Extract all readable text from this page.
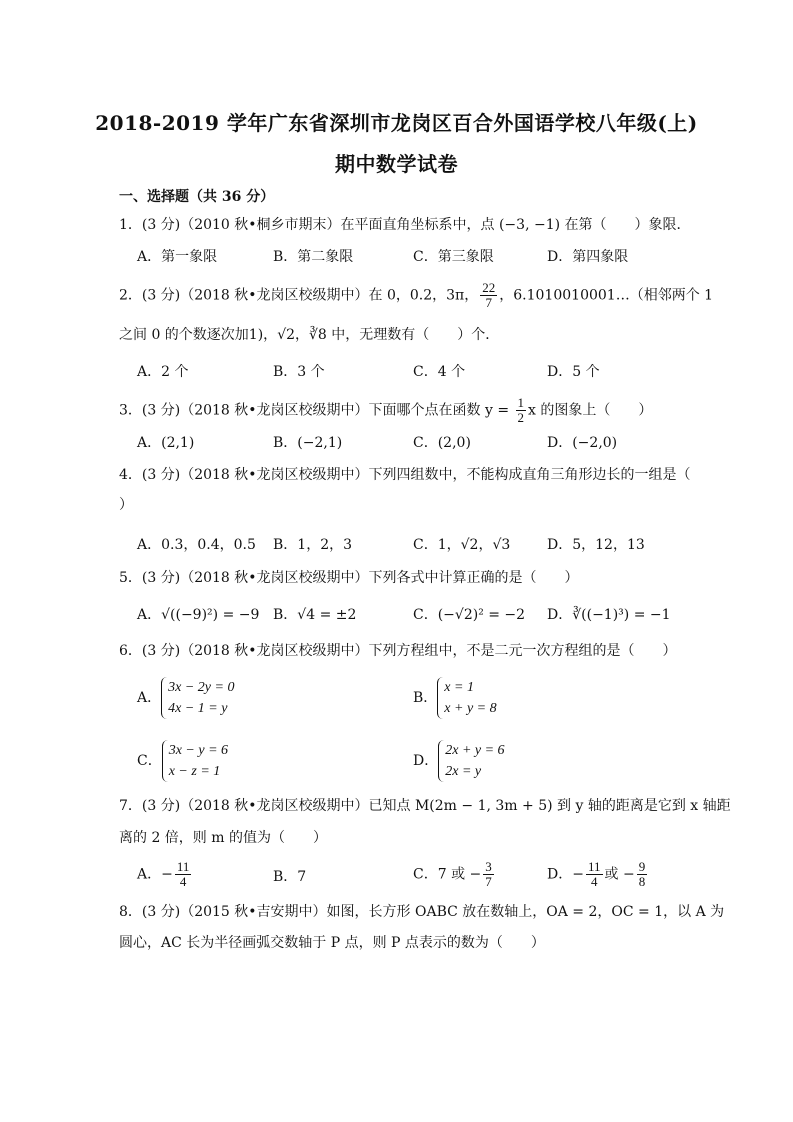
2018-2019 学年广东省深圳市龙岗区百合外国语学校八年级(上)
期中数学试卷
一、选择题（共 36 分）
1．(3 分)（2010 秋•桐乡市期末）在平面直角坐标系中，点 (−3, −1) 在第（　　）象限．
A．第一象限	B．第二象限	C．第三象限	D．第四象限
2．(3 分)（2018 秋•龙岗区校级期中）在 0，0.2，3π， $\frac{22}{7}$ ，6.1010010001…（相邻两个 1
之间 0 的个数逐次加1)，√2，∛8 中，无理数有（　　）个．
A．2 个	B．3 个	C．4 个	D．5 个
3．(3 分)（2018 秋•龙岗区校级期中）下面哪个点在函数 $y = \frac{1}{2}$ x 的图象上（　　）
A．(2,1)	B．(−2,1)	C．(2,0)	D．(−2,0)
4．(3 分)（2018 秋•龙岗区校级期中）下列四组数中，不能构成直角三角形边长的一组是（
）
A．0.3，0.4，0.5 B．1，2，3	C．1，√2，√3	D．5，12，13
5．(3 分)（2018 秋•龙岗区校级期中）下列各式中计算正确的是（　　）
A．√((−9)²) = −9 B．√4 = ±2	C．(−√2)² = −2 D．∛((−1)³) = −1
6．(3 分)（2018 秋•龙岗区校级期中）下列方程组中，不是二元一次方程组的是（　　）
A．
3x − 2y = 0
4x − 1 = y
B．
x = 1
x + y = 8
C．
3x − y = 6
x − z = 1
D．
2x + y = 6
2x = y
7．(3 分)（2018 秋•龙岗区校级期中）已知点 M(2m − 1, 3m + 5) 到 y 轴的距离是它到 x 轴距
离的 2 倍，则 m 的值为（　　）
A．− $\frac{11}{4}$	B．7	C．7 或 − $\frac{3}{7}$	D．− $\frac{11}{4}$ 或 − $\frac{9}{8}$
8．(3 分)（2015 秋•吉安期中）如图，长方形 OABC 放在数轴上，OA = 2，OC = 1，以 A 为
圆心，AC 长为半径画弧交数轴于 P 点，则 P 点表示的数为（　　）
